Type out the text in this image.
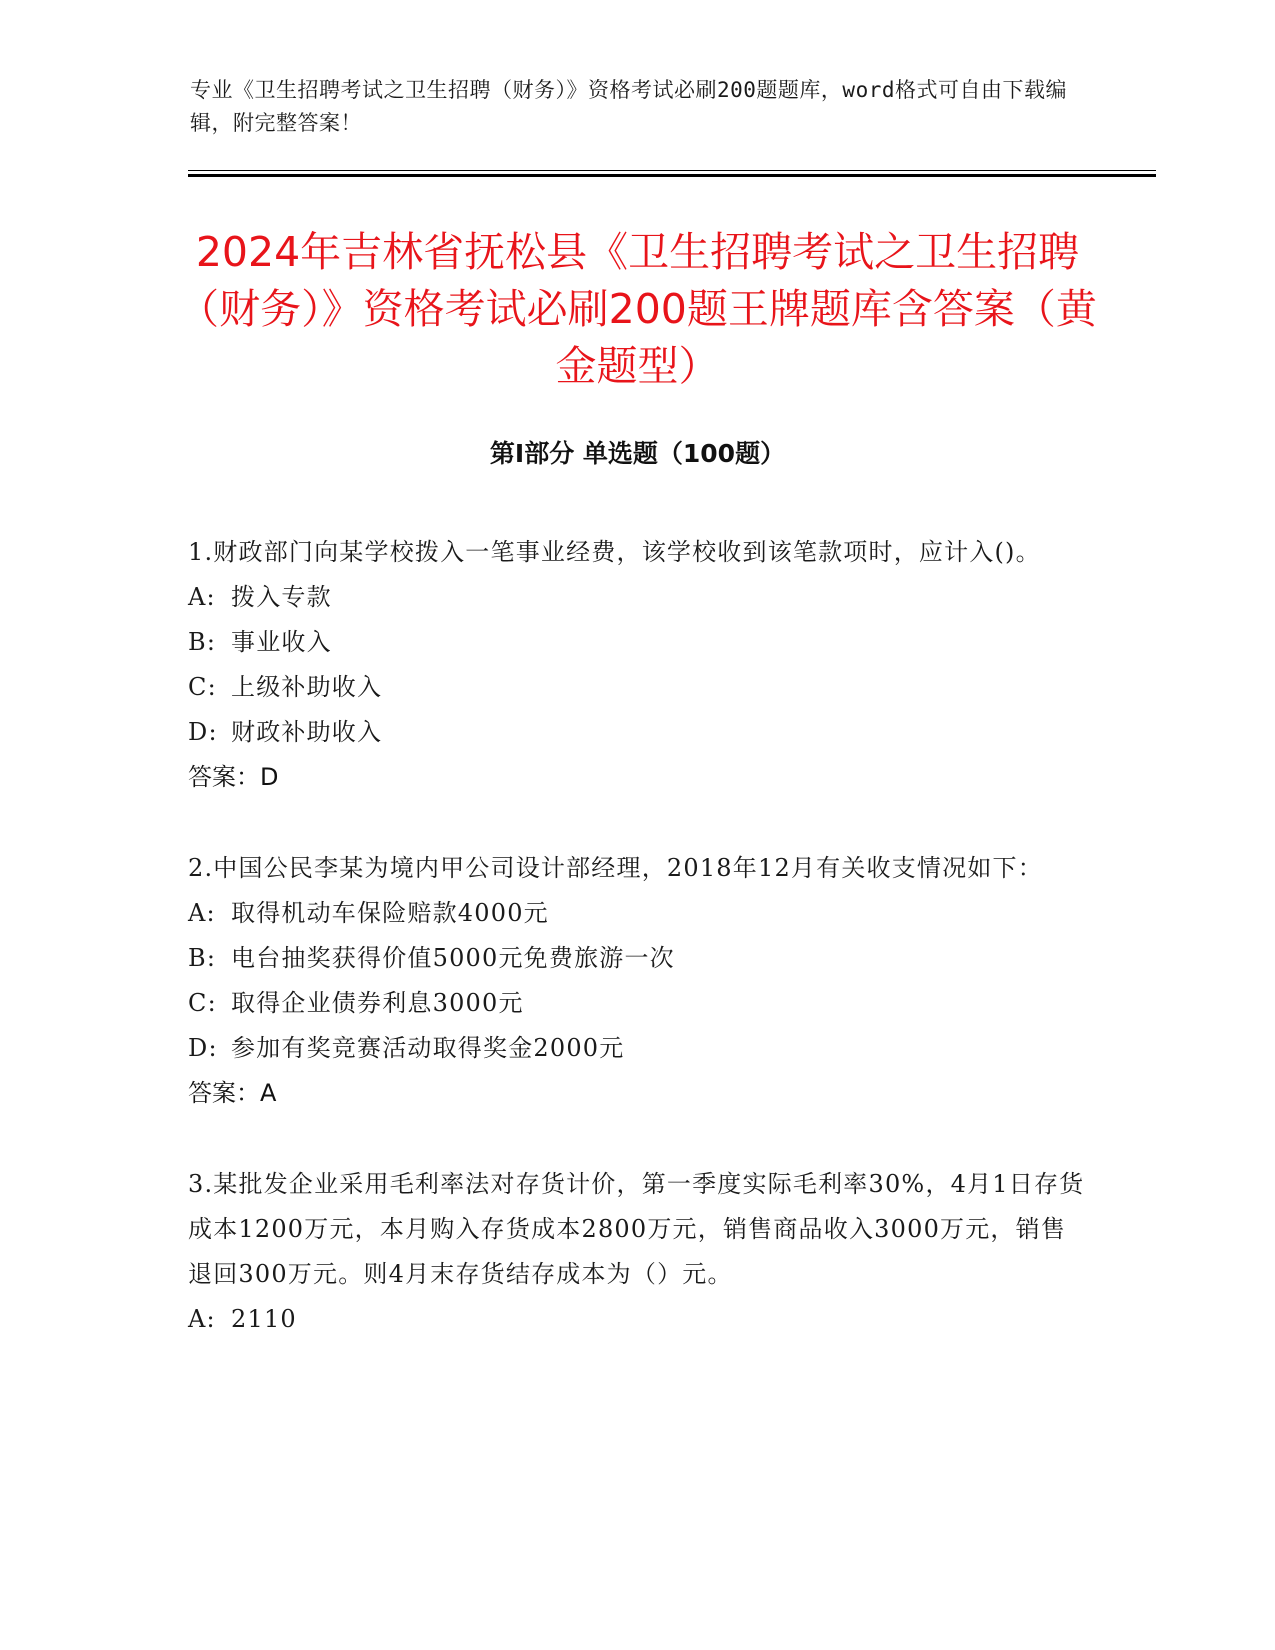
专业《卫生招聘考试之卫生招聘（财务）》资格考试必刷200题题库，word格式可自由下载编辑，附完整答案！
2024年吉林省抚松县《卫生招聘考试之卫生招聘（财务）》资格考试必刷200题王牌题库含答案（黄金题型）
第I部分 单选题（100题）

1.财政部门向某学校拨入一笔事业经费，该学校收到该笔款项时，应计入()。

A: 拨入专款

B: 事业收入

C: 上级补助收入

D: 财政补助收入

答案：D

2.中国公民李某为境内甲公司设计部经理，2018年12月有关收支情况如下：

A: 取得机动车保险赔款4000元

B: 电台抽奖获得价值5000元免费旅游一次

C: 取得企业债券利息3000元

D: 参加有奖竞赛活动取得奖金2000元

答案：A

3.某批发企业采用毛利率法对存货计价，第一季度实际毛利率30%，4月1日存货成本1200万元，本月购入存货成本2800万元，销售商品收入3000万元，销售退回300万元。则4月末存货结存成本为（）元。

A: 2110
